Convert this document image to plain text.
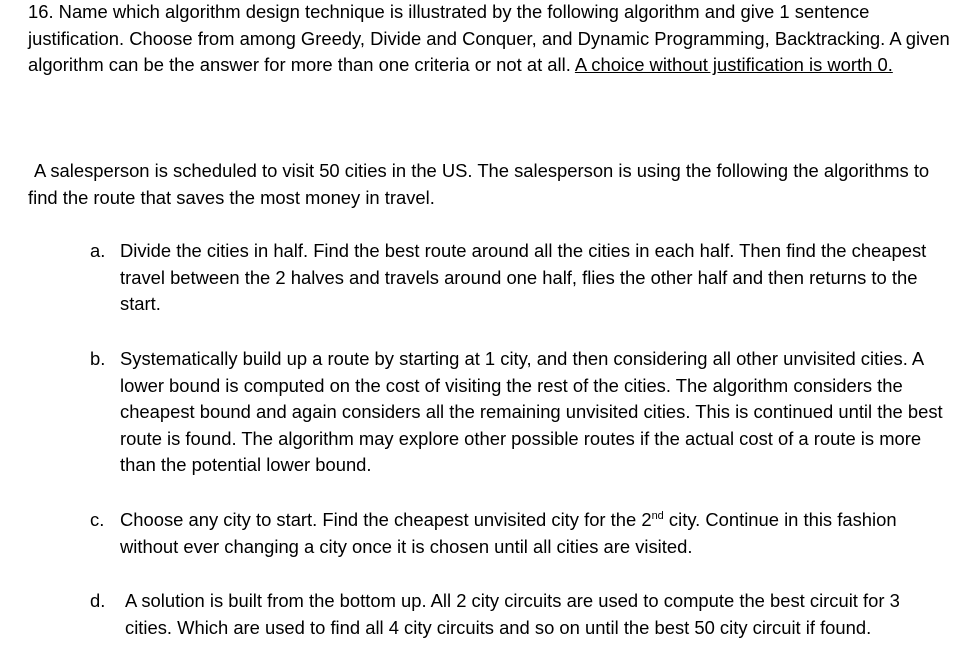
16. Name which algorithm design technique is illustrated by the following algorithm and give 1 sentence justification. Choose from among Greedy, Divide and Conquer, and Dynamic Programming, Backtracking. A given algorithm can be the answer for more than one criteria or not at all. A choice without justification is worth 0.

A salesperson is scheduled to visit 50 cities in the US. The salesperson is using the following the algorithms to find the route that saves the most money in travel.

a. Divide the cities in half. Find the best route around all the cities in each half. Then find the cheapest travel between the 2 halves and travels around one half, flies the other half and then returns to the start.
b. Systematically build up a route by starting at 1 city, and then considering all other unvisited cities. A lower bound is computed on the cost of visiting the rest of the cities. The algorithm considers the cheapest bound and again considers all the remaining unvisited cities. This is continued until the best route is found. The algorithm may explore other possible routes if the actual cost of a route is more than the potential lower bound.
c. Choose any city to start. Find the cheapest unvisited city for the 2nd city. Continue in this fashion without ever changing a city once it is chosen until all cities are visited.
d. A solution is built from the bottom up. All 2 city circuits are used to compute the best circuit for 3 cities. Which are used to find all 4 city circuits and so on until the best 50 city circuit if found.
